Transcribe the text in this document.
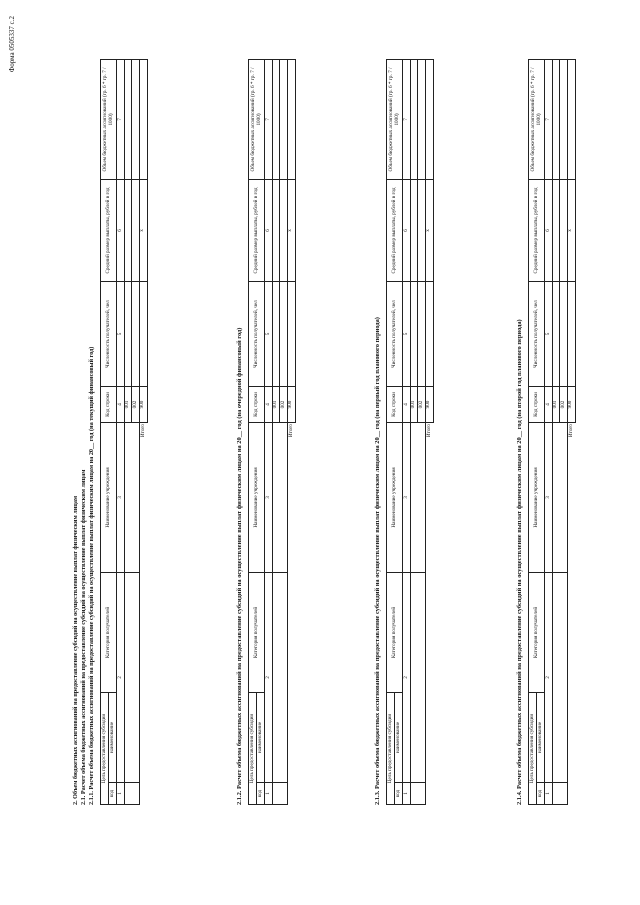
Форма 0505337 с.2
2. Объем бюджетных ассигнований на предоставление субсидий на осуществление выплат физическим лицам 2.1. Расчет объема бюджетных ассигнований на предоставление субсидий на осуществление выплат физическим лицам 2.1.1. Расчет объема бюджетных ассигнований на предоставление субсидий на осуществление выплат физическим лицам на 20__ год (на текущий финансовый год) Цель предоставления субсидии		Категория получателей	Наименование учреждения	Код строки	Численность получателей, чел	Средний размер выплаты, рублей в год	Объем бюджетных ассигнований (гр. 6 * гр. 7 / 1000)	
код	наименование							
1	2		3	4	5	6	7	
				001				
				002				
			Итого	900		x		
2.1.2. Расчет объема бюджетных ассигнований на предоставление субсидий на осуществление выплат физическим лицам на 20__ год (на очередной финансовый год) Цель предоставления субсидии		Категория получателей	Наименование учреждения	Код строки	Численность получателей, чел	Средний размер выплаты, рублей в год	Объем бюджетных ассигнований (гр. 6 * гр. 7 / 1000)	
код	наименование							
1	2		3	4	5	6	7	
				001				
				002				
			Итого	900		x		
2.1.3. Расчет объема бюджетных ассигнований на предоставление субсидий на осуществление выплат физическим лицам на 20__ год (на первый год планового периода) Цель предоставления субсидии		Категория получателей	Наименование учреждения	Код строки	Численность получателей, чел	Средний размер выплаты, рублей в год	Объем бюджетных ассигнований (гр. 6 * гр. 7 / 1000)	
код	наименование							
1	2		3	4	5	6	7	
				001				
				002				
			Итого	900		x		
2.1.4. Расчет объема бюджетных ассигнований на предоставление субсидий на осуществление выплат физическим лицам на 20__ год (на второй год планового периода) Цель предоставления субсидии		Категория получателей	Наименование учреждения	Код строки	Численность получателей, чел	Средний размер выплаты, рублей в год	Объем бюджетных ассигнований (гр. 6 * гр. 7 / 1000)	
код	наименование							
1	2		3	4	5	6	7	
				001				
				002				
			Итого	900		x		
